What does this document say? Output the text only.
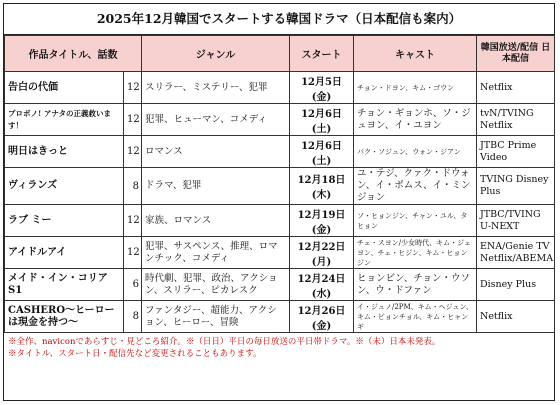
2025年12月韓国でスタートする韓国ドラマ（日本配信も案内）
作品タイトル、話数		ジャンル	スタート	キャスト	韓国放送/配信 日本配信
告白の代価	12	スリラー、ミステリー、犯罪	12月5日(金)	チョン・ドヨン、キム・ゴウン	Netflix
プロボノ! アナタの正義救います！	12	犯罪、ヒューマン、コメディ	12月6日(土)	チョン・ギョンホ、ソ・ジュヨン、イ・ユヨン	tvN/TVING Netflix
明日はきっと	12	ロマンス	12月6日(土)	パク・ソジュン、ウォン・ジアン	JTBC Prime Video
ヴィランズ	8	ドラマ、犯罪	12月18日(木)	ユ・テジ、クァク・ドウォン、イ・ボムス、イ・ミンジョン	TVING Disney Plus
ラブ ミー	12	家族、ロマンス	12月19日(金)	ソ・ヒョンジン、チャン・ユル、タヒョン	JTBC/TVING U-NEXT
アイドルアイ	12	犯罪、サスペンス、推理、ロマンチック、コメディ	12月22日(月)	チェ・スヨン/少女時代、キム・ジェヨン、チェ・ヒジン、キム・ヒョンジン	ENA/Genie TV Netflix/ABEMA
メイド・イン・コリア S1	6	時代劇、犯罪、政治、アクション、スリラー、ピカレスク	12月24日(水)	ヒョンビン、チョン・ウソン、ウ・ドファン	Disney Plus
CASHERO～ヒーローは現金を持つ～	8	ファンタジー、超能力、アクション、ヒーロー、冒険	12月26日(金)	イ・ジュノ/2PM、キム・ヘジュン、キム・ビョンチョル、キム・ヒャンギ	Netflix
※全作、naviconであらすじ・見どころ紹介。※（日日）平日の毎日放送の平日帯ドラマ。※（未）日本未発表。
※タイトル、スタート日・配信先など変更されることもあります。
